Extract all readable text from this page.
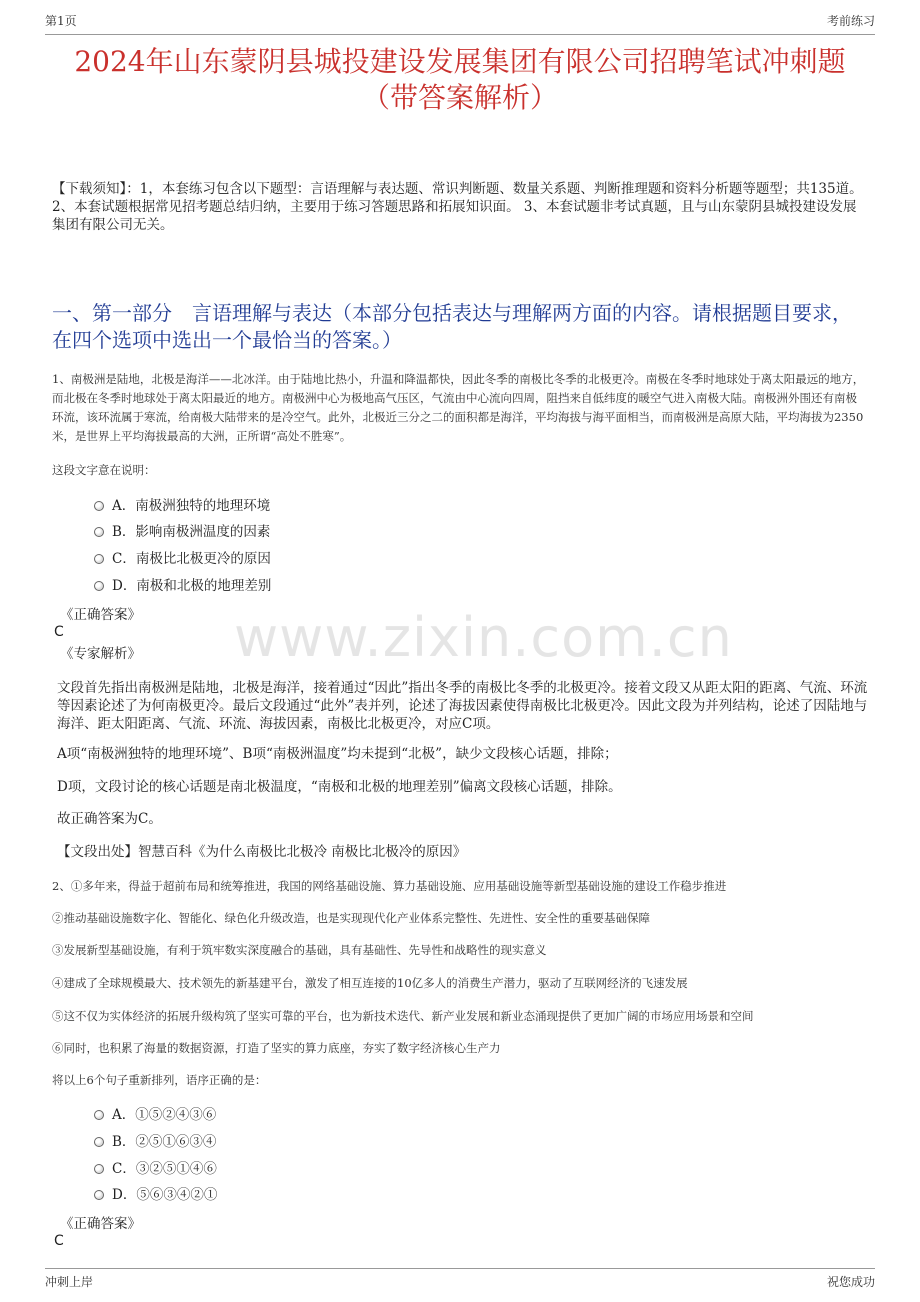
第1页	考前练习
2024年山东蒙阴县城投建设发展集团有限公司招聘笔试冲刺题
（带答案解析）
【下载须知】：1，本套练习包含以下题型：言语理解与表达题、常识判断题、数量关系题、判断推理题和资料分析题等题型；共135道。 2、本套试题根据常见招考题总结归纳，主要用于练习答题思路和拓展知识面。 3、本套试题非考试真题，且与山东蒙阴县城投建设发展集团有限公司无关。
一、第一部分　言语理解与表达（本部分包括表达与理解两方面的内容。请根据题目要求，在四个选项中选出一个最恰当的答案。）
1、南极洲是陆地，北极是海洋——北冰洋。由于陆地比热小，升温和降温都快，因此冬季的南极比冬季的北极更冷。南极在冬季时地球处于离太阳最远的地方，而北极在冬季时地球处于离太阳最近的地方。南极洲中心为极地高气压区，气流由中心流向四周，阻挡来自低纬度的暖空气进入南极大陆。南极洲外围还有南极环流，该环流属于寒流，给南极大陆带来的是冷空气。此外，北极近三分之二的面积都是海洋，平均海拔与海平面相当，而南极洲是高原大陆，平均海拔为2350米，是世界上平均海拔最高的大洲，正所谓“高处不胜寒”。
这段文字意在说明：
A．南极洲独特的地理环境
B．影响南极洲温度的因素
C．南极比北极更冷的原因
D．南极和北极的地理差别
《正确答案》
C
《专家解析》 www.zixin.com.cn
文段首先指出南极洲是陆地，北极是海洋，接着通过“因此”指出冬季的南极比冬季的北极更冷。接着文段又从距太阳的距离、气流、环流等因素论述了为何南极更冷。最后文段通过“此外”表并列，论述了海拔因素使得南极比北极更冷。因此文段为并列结构，论述了因陆地与海洋、距太阳距离、气流、环流、海拔因素，南极比北极更冷，对应C项。
A项“南极洲独特的地理环境”、B项“南极洲温度”均未提到“北极”，缺少文段核心话题，排除；
D项，文段讨论的核心话题是南北极温度，“南极和北极的地理差别”偏离文段核心话题，排除。
故正确答案为C。
【文段出处】智慧百科《为什么南极比北极冷 南极比北极冷的原因》
2、①多年来，得益于超前布局和统筹推进，我国的网络基础设施、算力基础设施、应用基础设施等新型基础设施的建设工作稳步推进
②推动基础设施数字化、智能化、绿色化升级改造，也是实现现代化产业体系完整性、先进性、安全性的重要基础保障
③发展新型基础设施，有利于筑牢数实深度融合的基础，具有基础性、先导性和战略性的现实意义
④建成了全球规模最大、技术领先的新基建平台，激发了相互连接的10亿多人的消费生产潜力，驱动了互联网经济的飞速发展
⑤这不仅为实体经济的拓展升级构筑了坚实可靠的平台，也为新技术迭代、新产业发展和新业态涌现提供了更加广阔的市场应用场景和空间
⑥同时，也积累了海量的数据资源，打造了坚实的算力底座，夯实了数字经济核心生产力
将以上6个句子重新排列，语序正确的是：
A．①⑤②④③⑥
B．②⑤①⑥③④
C．③②⑤①④⑥
D．⑤⑥③④②①
《正确答案》
C
冲刺上岸	祝您成功
